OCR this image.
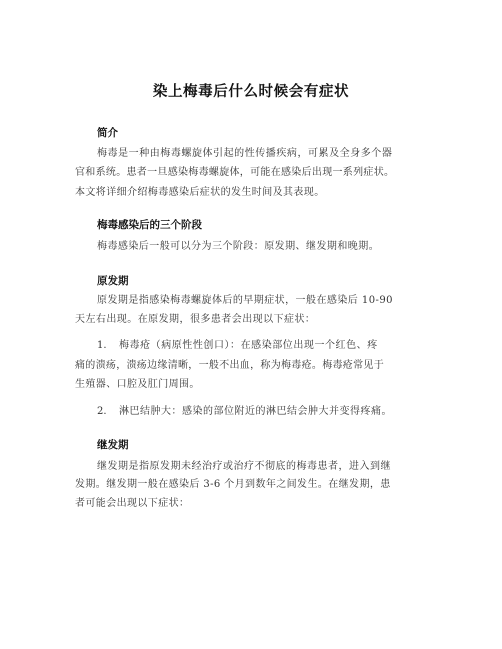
染上梅毒后什么时候会有症状
简介
梅毒是一种由梅毒螺旋体引起的性传播疾病，可累及全身多个器
官和系统。患者一旦感染梅毒螺旋体，可能在感染后出现一系列症状。
本文将详细介绍梅毒感染后症状的发生时间及其表现。
梅毒感染后的三个阶段
梅毒感染后一般可以分为三个阶段：原发期、继发期和晚期。
原发期
原发期是指感染梅毒螺旋体后的早期症状，一般在感染后 10-90
天左右出现。在原发期，很多患者会出现以下症状：
1. 梅毒疮（病原性性创口）：在感染部位出现一个红色、疼
痛的溃疡，溃疡边缘清晰，一般不出血，称为梅毒疮。梅毒疮常见于
生殖器、口腔及肛门周围。
2. 淋巴结肿大：感染的部位附近的淋巴结会肿大并变得疼痛。
继发期
继发期是指原发期未经治疗或治疗不彻底的梅毒患者，进入到继
发期。继发期一般在感染后 3-6 个月到数年之间发生。在继发期，患
者可能会出现以下症状：
